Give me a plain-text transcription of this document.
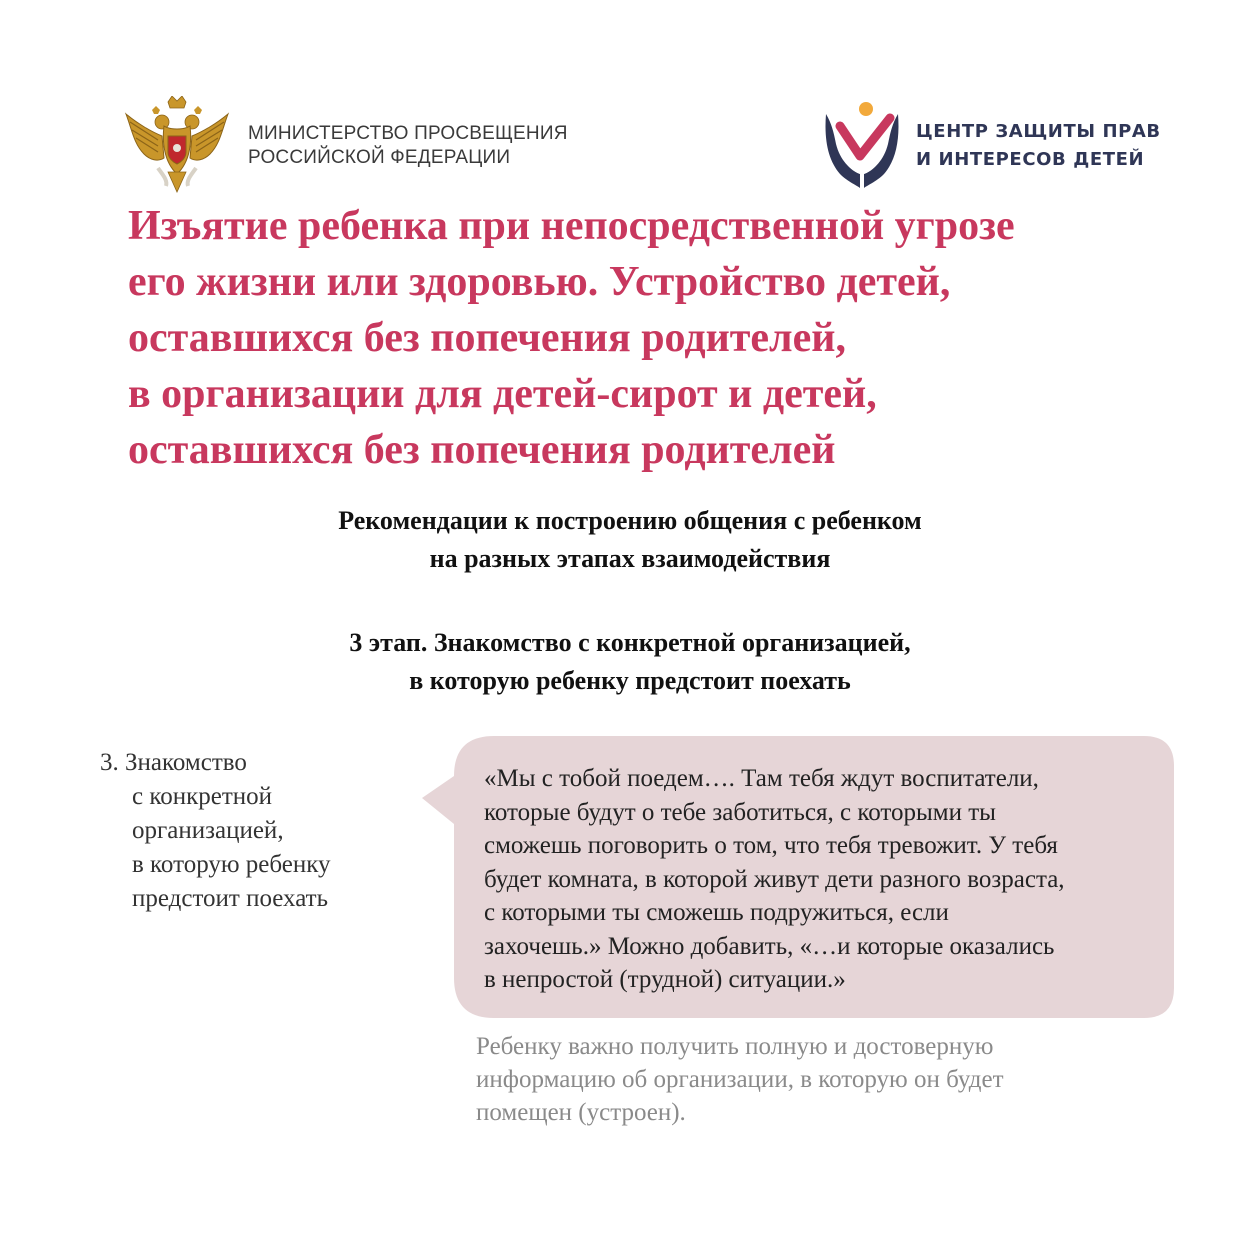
МИНИСТЕРСТВО ПРОСВЕЩЕНИЯ
РОССИЙСКОЙ ФЕДЕРАЦИИ
ЦЕНТР ЗАЩИТЫ ПРАВ
И ИНТЕРЕСОВ ДЕТЕЙ
Изъятие ребенка при непосредственной угрозе
его жизни или здоровью. Устройство детей,
оставшихся без попечения родителей,
в организации для детей-сирот и детей,
оставшихся без попечения родителей
Рекомендации к построению общения с ребенком
на разных этапах взаимодействия
3 этап. Знакомство с конкретной организацией,
в которую ребенку предстоит поехать
3. Знакомство
с конкретной
организацией,
в которую ребенку
предстоит поехать

«Мы с тобой поедем…. Там тебя ждут воспитатели,
которые будут о тебе заботиться, с которыми ты
сможешь поговорить о том, что тебя тревожит. У тебя
будет комната, в которой живут дети разного возраста,
с которыми ты сможешь подружиться, если
захочешь.» Можно добавить, «…и которые оказались
в непростой (трудной) ситуации.»

Ребенку важно получить полную и достоверную
информацию об организации, в которую он будет
помещен (устроен).
